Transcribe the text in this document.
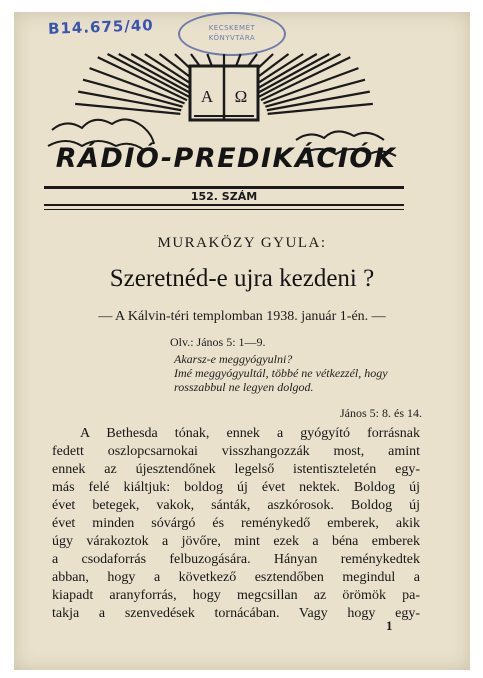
B14.675/40	KECSKEMÉT
KÖNYVTÁRA
A Ω
RÁDIÓ-PREDIKÁCIÓK
152. SZÁM
MURAKÖZY GYULA:
Szeretnéd-e ujra kezdeni ?
— A Kálvin-téri templomban 1938. január 1-én. —
Olv.: János 5: 1—9.
Akarsz-e meggyógyulni?
Imé meggyógyultál, többé ne vétkezzél, hogy
rosszabbul ne legyen dolgod.
János 5: 8. és 14.
A Bethesda tónak, ennek a gyógyító forrásnak
fedett oszlopcsarnokai visszhangozzák most, amint
ennek az újesztendőnek legelső istentiszteletén egy-
más felé kiáltjuk: boldog új évet nektek. Boldog új
évet betegek, vakok, sánták, aszkórosok. Boldog új
évet minden sóvárgó és reménykedő emberek, akik
úgy várakoztok a jövőre, mint ezek a béna emberek
a csodaforrás felbuzogására. Hányan reménykedtek
abban, hogy a következő esztendőben megindul a
kiapadt aranyforrás, hogy megcsillan az örömök pa-
takja a szenvedések tornácában. Vagy hogy egy-
1
